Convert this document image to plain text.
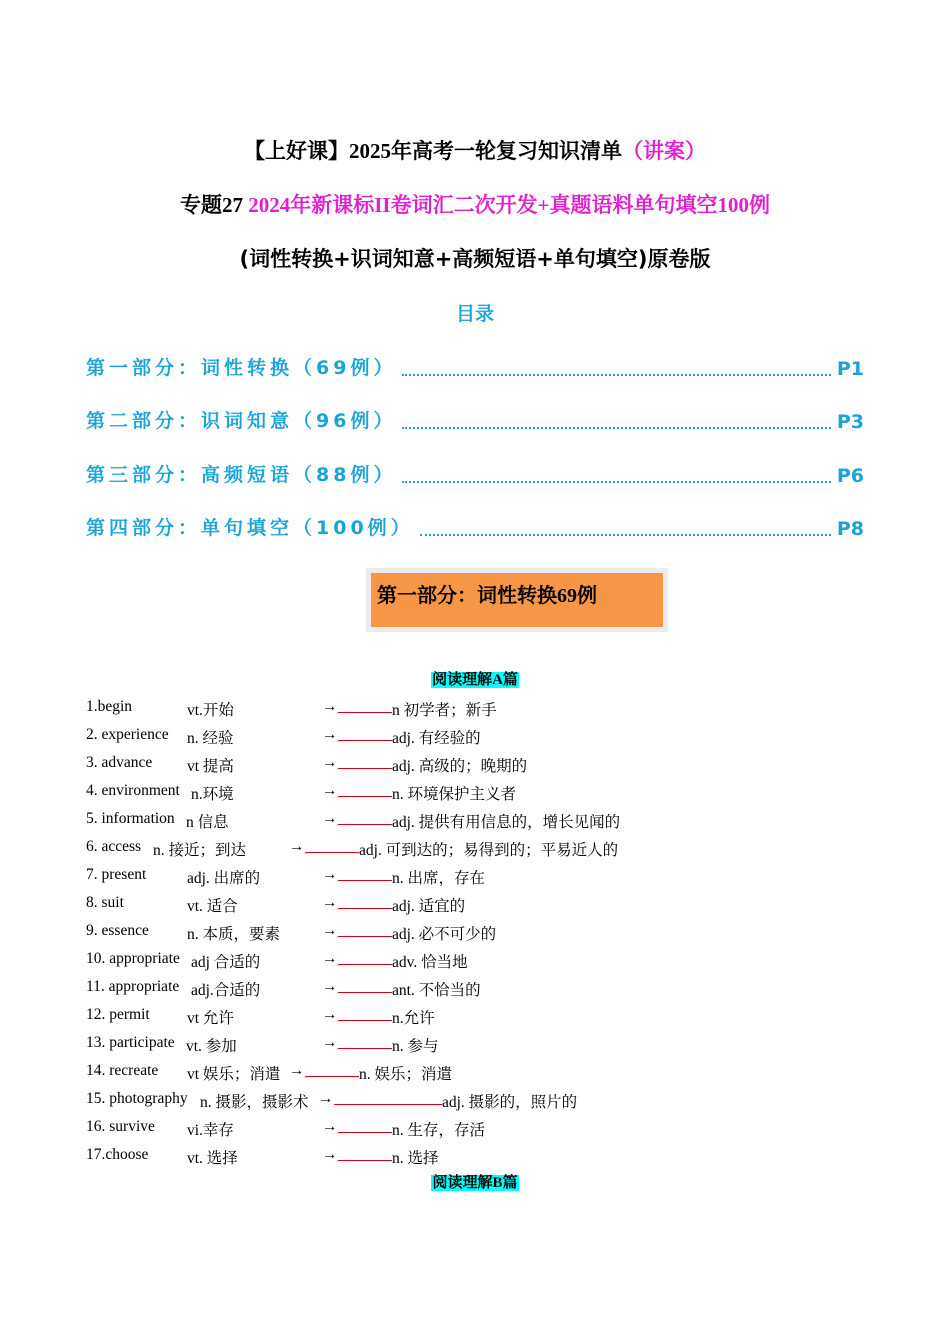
【上好课】2025年高考一轮复习知识清单（讲案）
专题27 2024年新课标II卷词汇二次开发+真题语料单句填空100例
(词性转换+识词知意+高频短语+单句填空)原卷版
目录
第一部分：词性转换（69例）	P1
第二部分：识词知意（96例）	P3
第三部分：高频短语（88例）	P6
第四部分：单句填空（100例）	P8
第一部分：词性转换69例
阅读理解A篇
1.begin	vt.开始	→	n 初学者；新手
2. experience n. 经验	→	adj. 有经验的
3. advance vt 提高	→	adj. 高级的；晚期的
4. environment n.环境	→	n. 环境保护主义者
5. information n 信息	→	adj. 提供有用信息的，增长见闻的
6. access n. 接近；到达	→	adj. 可到达的；易得到的；平易近人的
7. present	adj. 出席的	→	n. 出席，存在
8. suit	vt. 适合	→	adj. 适宜的
9. essence n. 本质，要素	→	adj. 必不可少的
10. appropriate adj 合适的	→	adv. 恰当地
11. appropriate adj.合适的	→	ant. 不恰当的
12. permit vt 允许	→	n.允许
13. participate vt. 参加	→	n. 参与
14. recreate vt 娱乐；消遣 →	n. 娱乐；消遣
15. photography n. 摄影，摄影术 →	adj. 摄影的，照片的
16. survive vi.幸存	→	n. 生存，存活
17.choose vt. 选择	→	n. 选择
阅读理解B篇
